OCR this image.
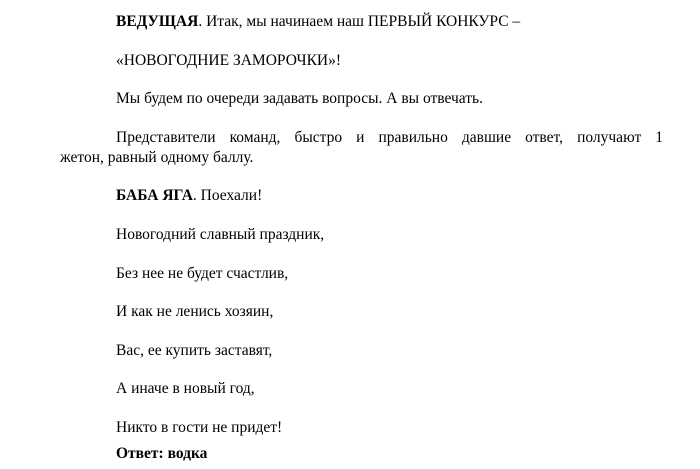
ВЕДУЩАЯ. Итак, мы начинаем наш ПЕРВЫЙ КОНКУРС –
«НОВОГОДНИЕ ЗАМОРОЧКИ»!
Мы будем по очереди задавать вопросы. А вы отвечать.
Представители команд, быстро и правильно давшие ответ, получают 1
жетон, равный одному баллу.
БАБА ЯГА. Поехали!
Новогодний славный праздник,
Без нее не будет счастлив,
И как не ленись хозяин,
Вас, ее купить заставят,
А иначе в новый год,
Никто в гости не придет!
Ответ: водка
